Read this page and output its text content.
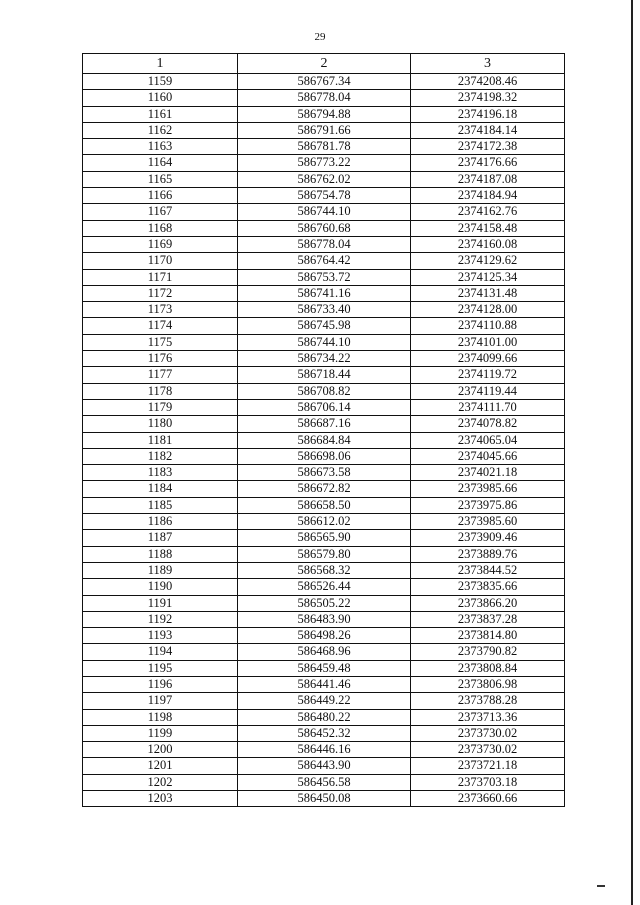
29
1	2	3
1159	586767.34	2374208.46
1160	586778.04	2374198.32
1161	586794.88	2374196.18
1162	586791.66	2374184.14
1163	586781.78	2374172.38
1164	586773.22	2374176.66
1165	586762.02	2374187.08
1166	586754.78	2374184.94
1167	586744.10	2374162.76
1168	586760.68	2374158.48
1169	586778.04	2374160.08
1170	586764.42	2374129.62
1171	586753.72	2374125.34
1172	586741.16	2374131.48
1173	586733.40	2374128.00
1174	586745.98	2374110.88
1175	586744.10	2374101.00
1176	586734.22	2374099.66
1177	586718.44	2374119.72
1178	586708.82	2374119.44
1179	586706.14	2374111.70
1180	586687.16	2374078.82
1181	586684.84	2374065.04
1182	586698.06	2374045.66
1183	586673.58	2374021.18
1184	586672.82	2373985.66
1185	586658.50	2373975.86
1186	586612.02	2373985.60
1187	586565.90	2373909.46
1188	586579.80	2373889.76
1189	586568.32	2373844.52
1190	586526.44	2373835.66
1191	586505.22	2373866.20
1192	586483.90	2373837.28
1193	586498.26	2373814.80
1194	586468.96	2373790.82
1195	586459.48	2373808.84
1196	586441.46	2373806.98
1197	586449.22	2373788.28
1198	586480.22	2373713.36
1199	586452.32	2373730.02
1200	586446.16	2373730.02
1201	586443.90	2373721.18
1202	586456.58	2373703.18
1203	586450.08	2373660.66
